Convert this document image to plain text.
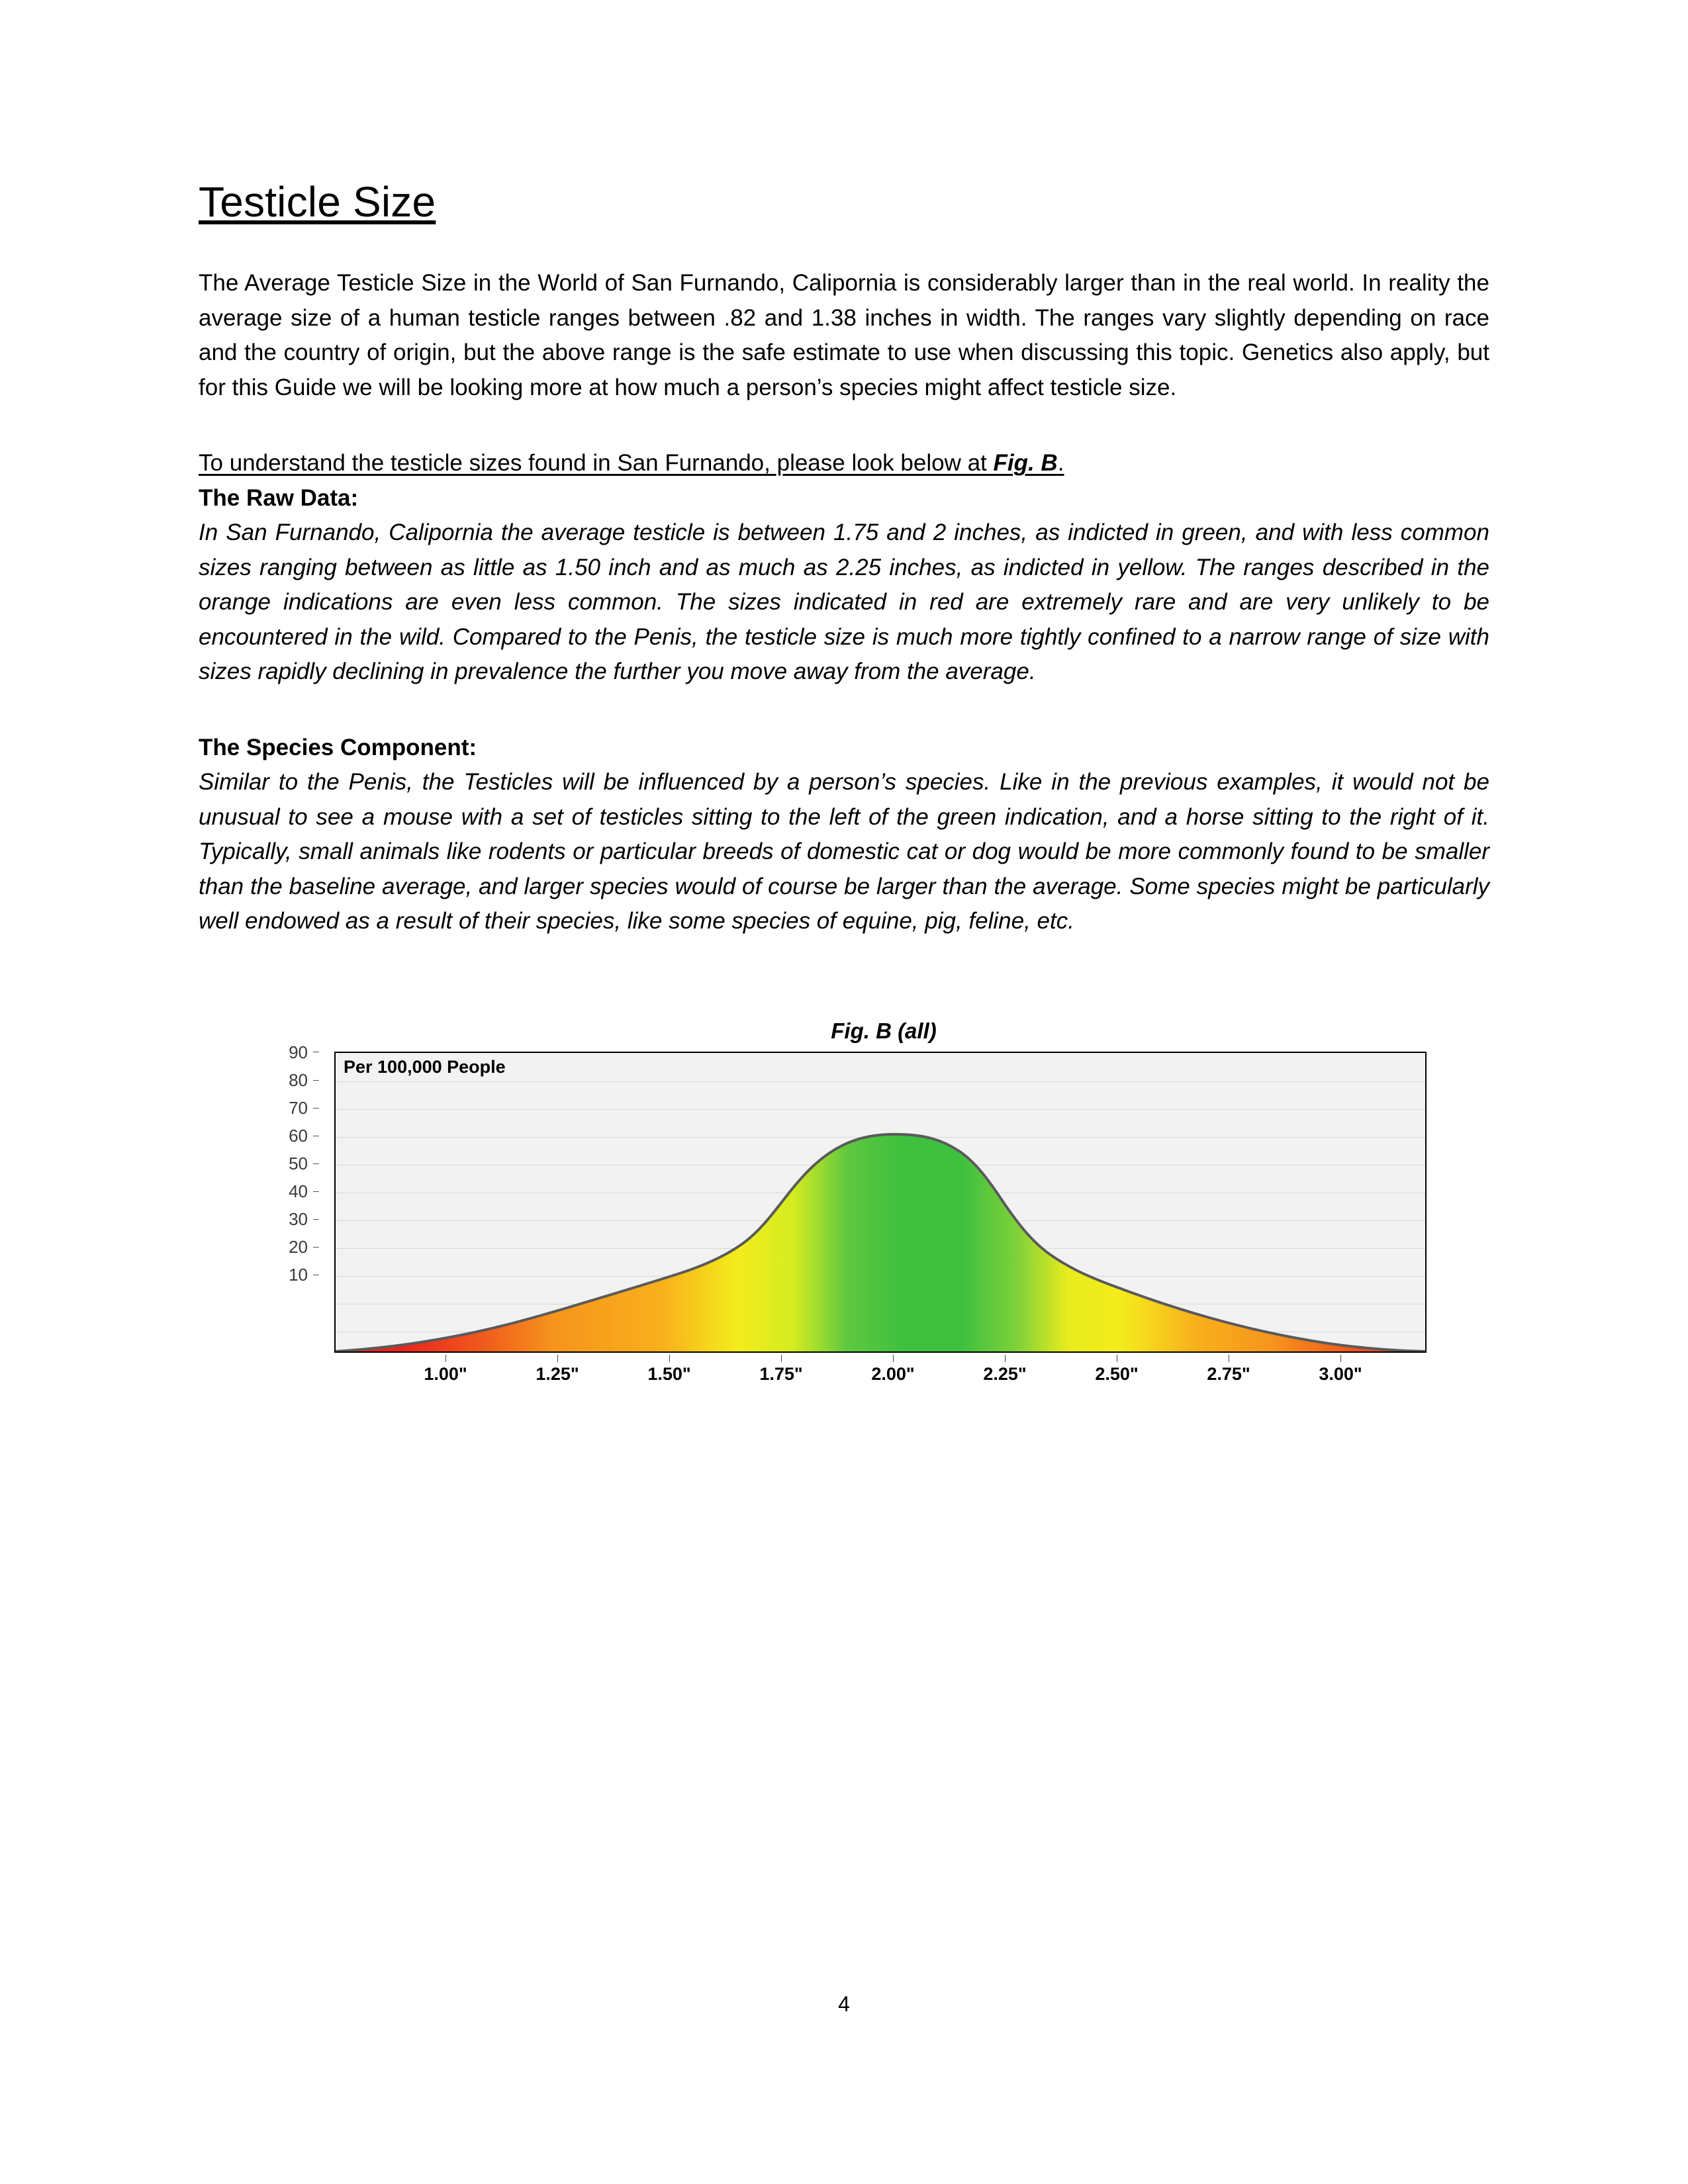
Testicle Size

The Average Testicle Size in the World of San Furnando, Calipornia is considerably larger than in the real world. In reality the average size of a human testicle ranges between .82 and 1.38 inches in width. The ranges vary slightly depending on race and the country of origin, but the above range is the safe estimate to use when discussing this topic. Genetics also apply, but for this Guide we will be looking more at how much a person’s species might affect testicle size.

To understand the testicle sizes found in San Furnando, please look below at Fig. B.

The Raw Data:

In San Furnando, Calipornia the average testicle is between 1.75 and 2 inches, as indicted in green, and with less common sizes ranging between as little as 1.50 inch and as much as 2.25 inches, as indicted in yellow. The ranges described in the orange indications are even less common. The sizes indicated in red are extremely rare and are very unlikely to be encountered in the wild. Compared to the Penis, the testicle size is much more tightly confined to a narrow range of size with sizes rapidly declining in prevalence the further you move away from the average.

The Species Component:

Similar to the Penis, the Testicles will be influenced by a person’s species. Like in the previous examples, it would not be unusual to see a mouse with a set of testicles sitting to the left of the green indication, and a horse sitting to the right of it. Typically, small animals like rodents or particular breeds of domestic cat or dog would be more commonly found to be smaller than the baseline average, and larger species would of course be larger than the average. Some species might be particularly well endowed as a result of their species, like some species of equine, pig, feline, etc.

Fig. B (all)
90
80
70
60
50
40
30
20
10
Per 100,000 People
1.00"	1.25"	1.50"	1.75"	2.00"	2.25"	2.50"	2.75"	3.00"
4
